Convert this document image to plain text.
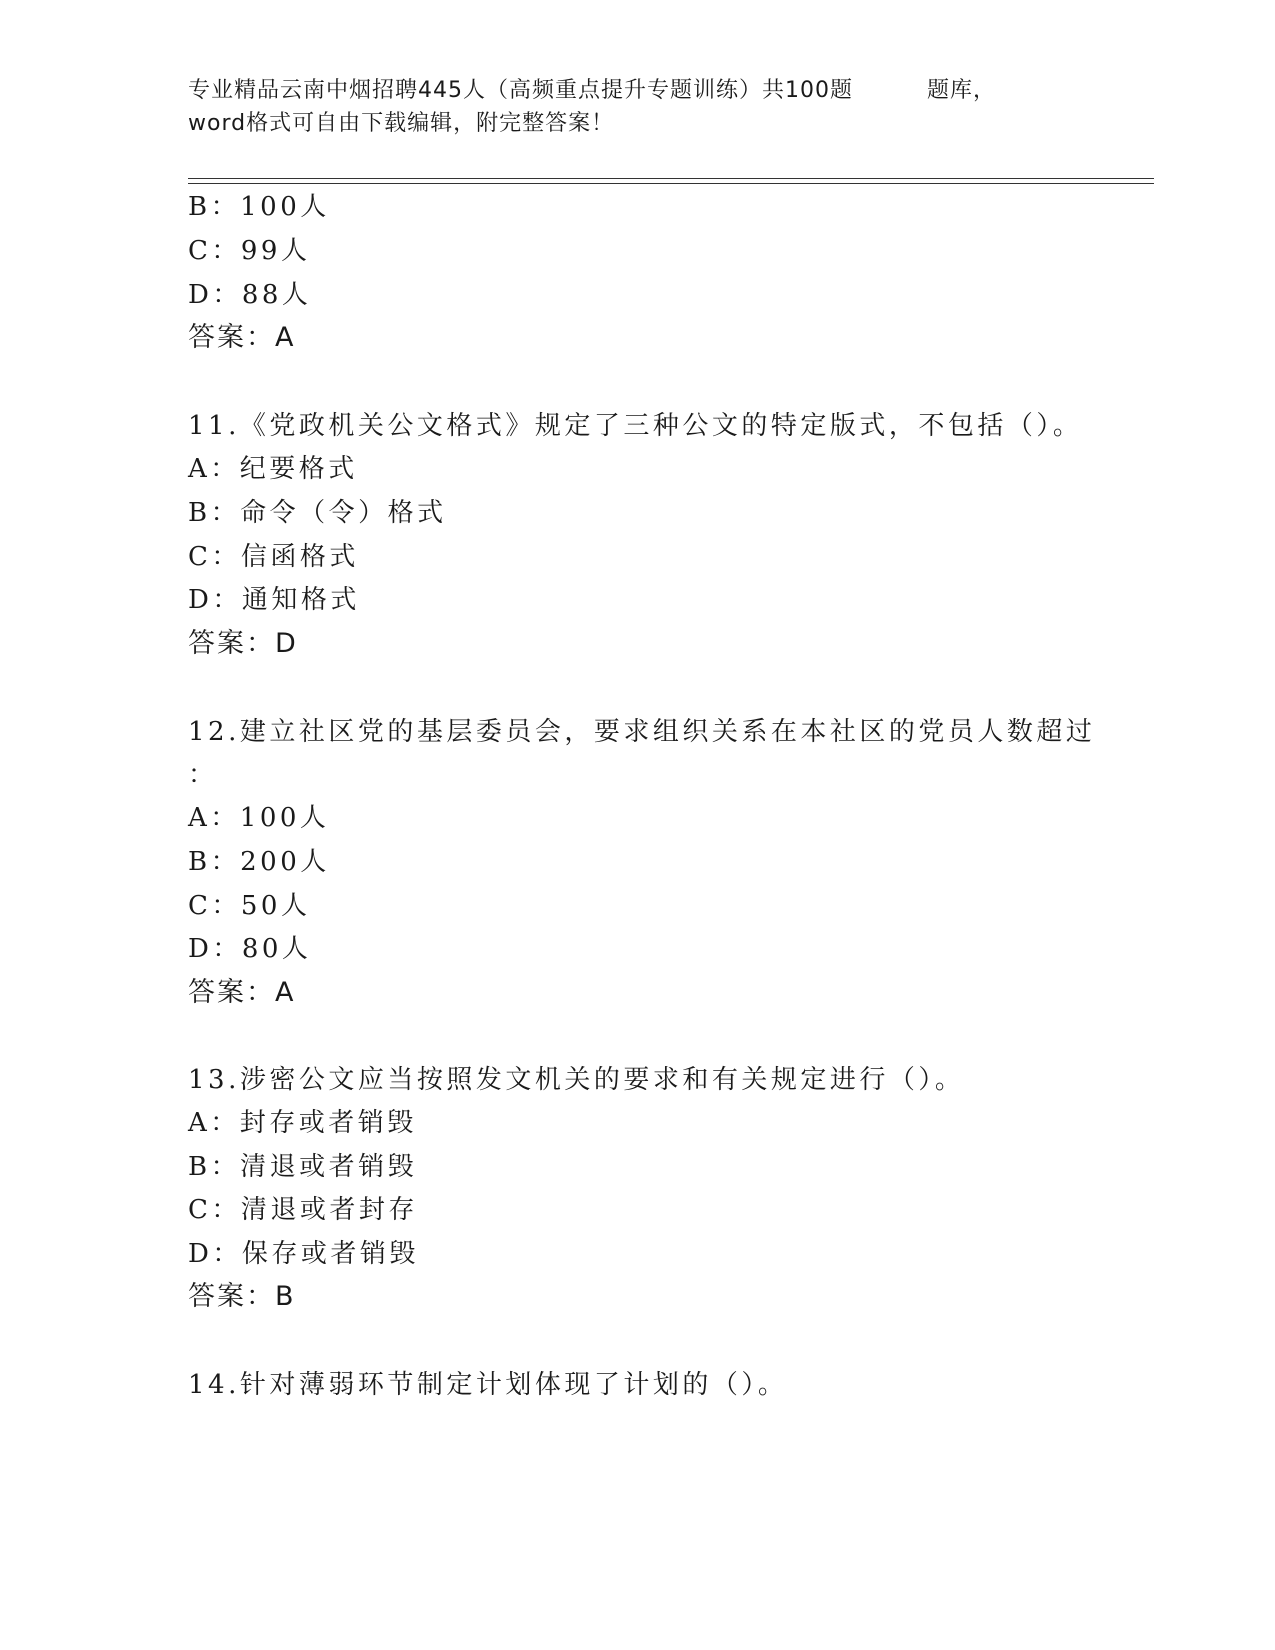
专业精品云南中烟招聘445人（高频重点提升专题训练）共100题	题库，
word格式可自由下载编辑，附完整答案！
B：100人
C：99人
D：88人
答案：A
11.《党政机关公文格式》规定了三种公文的特定版式，不包括（）。
A：纪要格式
B：命令（令）格式
C：信函格式
D：通知格式
答案：D
12.建立社区党的基层委员会，要求组织关系在本社区的党员人数超过
：
A：100人
B：200人
C：50人
D：80人
答案：A
13.涉密公文应当按照发文机关的要求和有关规定进行（）。
A：封存或者销毁
B：清退或者销毁
C：清退或者封存
D：保存或者销毁
答案：B
14.针对薄弱环节制定计划体现了计划的（）。
